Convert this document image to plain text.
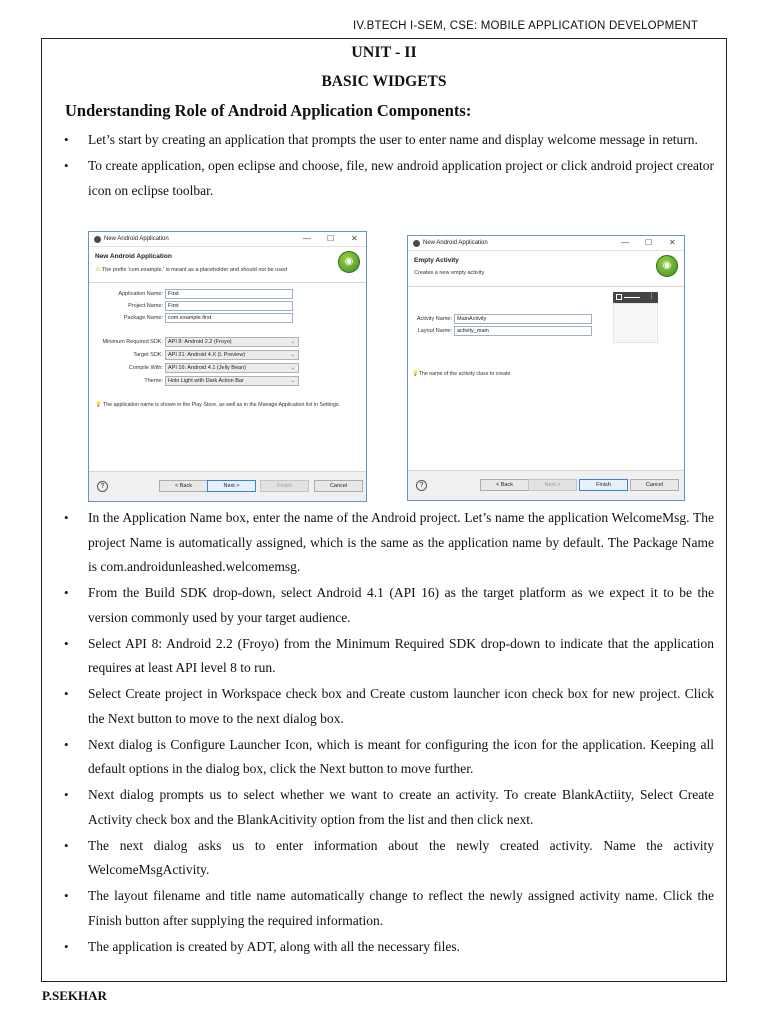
IV.BTECH I-SEM, CSE: MOBILE APPLICATION DEVELOPMENT
UNIT - II
BASIC WIDGETS
Understanding Role of Android Application Components:
• Let’s start by creating an application that prompts the user to enter name and display welcome message in return.
• To create application, open eclipse and choose, file, new android application project or click android project creator icon on eclipse toolbar.
New Android Application	— ☐ ✕
New Android Application
⚠ The prefix 'com.example.' is meant as a placeholder and should not be used
◉
Application Name: First
Project Name: First
Package Name: com.example.first
Minimum Required SDK: API 8: Android 2.2 (Froyo)	⌄
Target SDK: API 21: Android 4.X (L Preview)	⌄
Compile With: API 16: Android 4.1 (Jelly Bean)	⌄
Theme: Holo Light with Dark Action Bar	⌄
💡 The application name is shown in the Play Store, as well as in the Manage Application list in Settings.
?	< Back	Next >	Finish	Cancel
New Android Application	— ☐ ✕
Empty Activity
Creates a new empty activity
◉
⋮
Activity Name: MainActivity
Layout Name: activity_main
💡The name of the activity class to create
?	< Back	Next >	Finish	Cancel
• In the Application Name box, enter the name of the Android project. Let’s name the application WelcomeMsg. The project Name is automatically assigned, which is the same as the application name by default. The Package Name is com.androidunleashed.welcomemsg.
• From the Build SDK drop-down, select Android 4.1 (API 16) as the target platform as we expect it to be the version commonly used by your target audience.
• Select API 8: Android 2.2 (Froyo) from the Minimum Required SDK drop-down to indicate that the application requires at least API level 8 to run.
• Select Create project in Workspace check box and Create custom launcher icon check box for new project. Click the Next button to move to the next dialog box.
• Next dialog is Configure Launcher Icon, which is meant for configuring the icon for the application. Keeping all default options in the dialog box, click the Next button to move further.
• Next dialog prompts us to select whether we want to create an activity. To create BlankActiity, Select Create Activity check box and the BlankAcitivity option from the list and then click next.
• The next dialog asks us to enter information about the newly created activity. Name the activity WelcomeMsgActivity.
• The layout filename and title name automatically change to reflect the newly assigned activity name. Click the Finish button after supplying the required information.
• The application is created by ADT, along with all the necessary files.
P.SEKHAR
